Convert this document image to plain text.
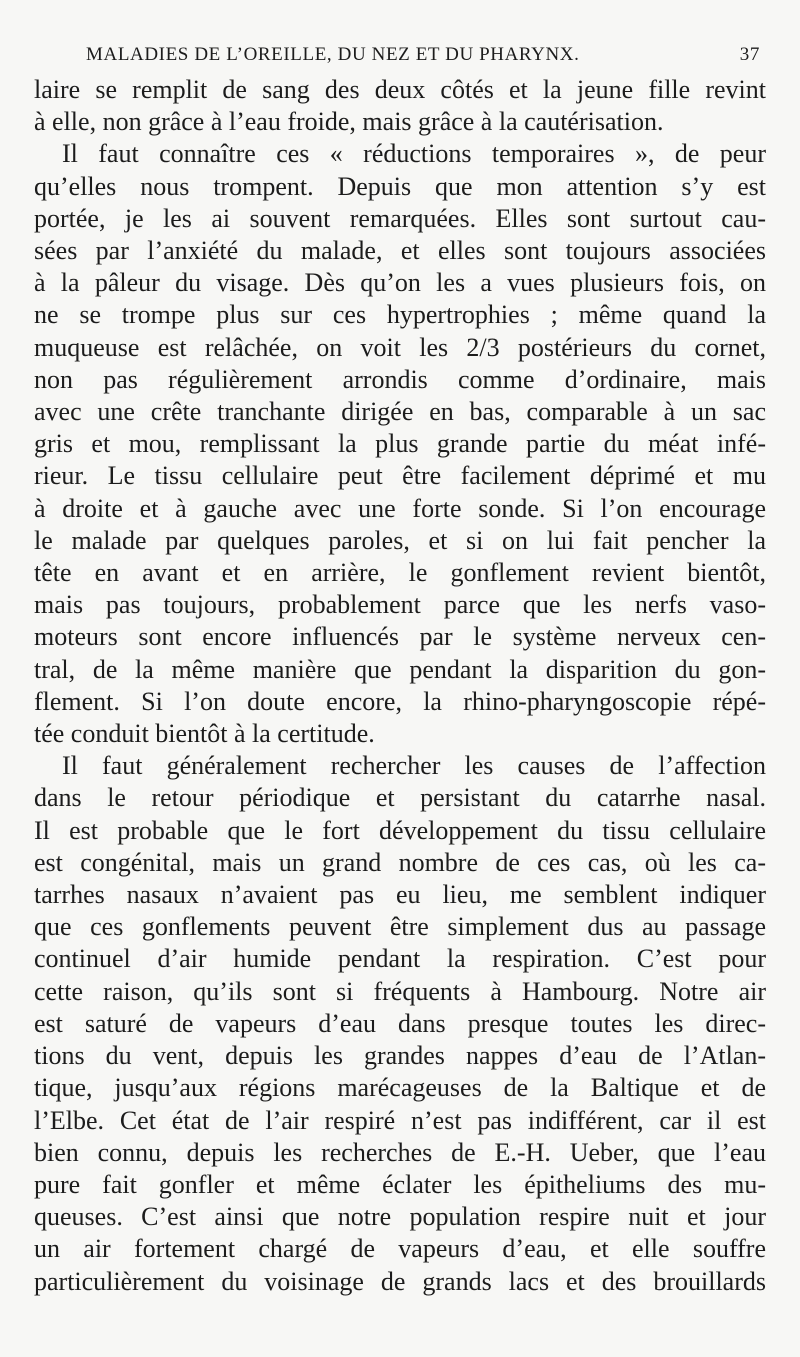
MALADIES DE L’OREILLE, DU NEZ ET DU PHARYNX.	37
laire se remplit de sang des deux côtés et la jeune fille revint
à elle, non grâce à l’eau froide, mais grâce à la cautérisation.
Il faut connaître ces « réductions temporaires », de peur
qu’elles nous trompent. Depuis que mon attention s’y est
portée, je les ai souvent remarquées. Elles sont surtout cau-
sées par l’anxiété du malade, et elles sont toujours associées
à la pâleur du visage. Dès qu’on les a vues plusieurs fois, on
ne se trompe plus sur ces hypertrophies ; même quand la
muqueuse est relâchée, on voit les 2/3 postérieurs du cornet,
non pas régulièrement arrondis comme d’ordinaire, mais
avec une crête tranchante dirigée en bas, comparable à un sac
gris et mou, remplissant la plus grande partie du méat infé-
rieur. Le tissu cellulaire peut être facilement déprimé et mu
à droite et à gauche avec une forte sonde. Si l’on encourage
le malade par quelques paroles, et si on lui fait pencher la
tête en avant et en arrière, le gonflement revient bientôt,
mais pas toujours, probablement parce que les nerfs vaso-
moteurs sont encore influencés par le système nerveux cen-
tral, de la même manière que pendant la disparition du gon-
flement. Si l’on doute encore, la rhino-pharyngoscopie répé-
tée conduit bientôt à la certitude.
Il faut généralement rechercher les causes de l’affection
dans le retour périodique et persistant du catarrhe nasal.
Il est probable que le fort développement du tissu cellulaire
est congénital, mais un grand nombre de ces cas, où les ca-
tarrhes nasaux n’avaient pas eu lieu, me semblent indiquer
que ces gonflements peuvent être simplement dus au passage
continuel d’air humide pendant la respiration. C’est pour
cette raison, qu’ils sont si fréquents à Hambourg. Notre air
est saturé de vapeurs d’eau dans presque toutes les direc-
tions du vent, depuis les grandes nappes d’eau de l’Atlan-
tique, jusqu’aux régions marécageuses de la Baltique et de
l’Elbe. Cet état de l’air respiré n’est pas indifférent, car il est
bien connu, depuis les recherches de E.-H. Ueber, que l’eau
pure fait gonfler et même éclater les épitheliums des mu-
queuses. C’est ainsi que notre population respire nuit et jour
un air fortement chargé de vapeurs d’eau, et elle souffre
particulièrement du voisinage de grands lacs et des brouillards
